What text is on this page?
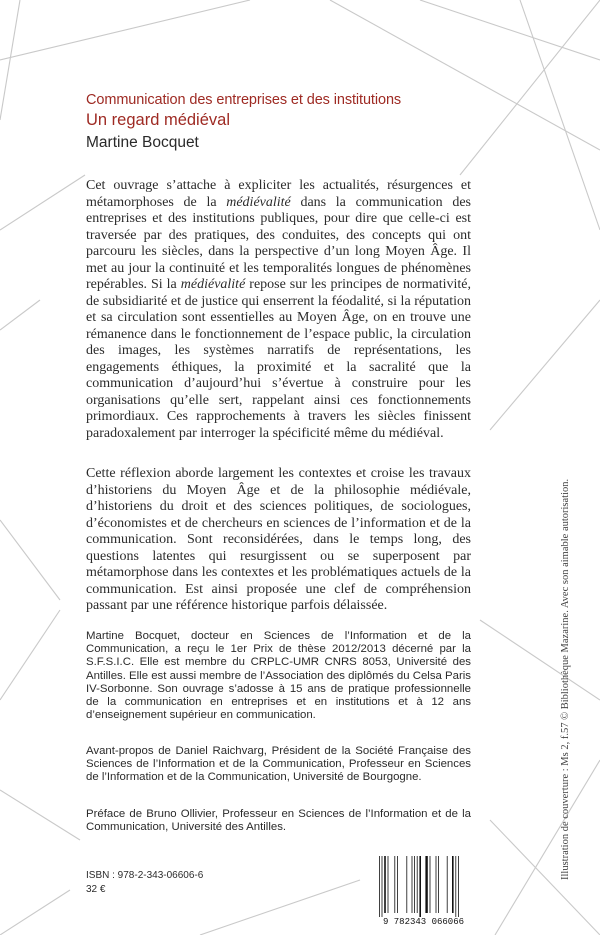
Communication des entreprises et des institutions
Un regard médiéval
Martine Bocquet

Cet ouvrage s’attache à expliciter les actualités, résurgences et métamorphoses de la médiévalité dans la communication des entreprises et des institutions publiques, pour dire que celle-ci est traversée par des pratiques, des conduites, des concepts qui ont parcouru les siècles, dans la perspective d’un long Moyen Âge. Il met au jour la continuité et les temporalités longues de phénomènes repérables. Si la médiévalité repose sur les principes de normativité, de subsidiarité et de justice qui enserrent la féodalité, si la réputation et sa circulation sont essentielles au Moyen Âge, on en trouve une rémanence dans le fonctionnement de l’espace public, la circulation des images, les systèmes narratifs de représentations, les engagements éthiques, la proximité et la sacralité que la communication d’aujourd’hui s’évertue à construire pour les organisations qu’elle sert, rappelant ainsi ces fonctionnements primordiaux. Ces rapprochements à travers les siècles finissent paradoxalement par interroger la spécificité même du médiéval.

Cette réflexion aborde largement les contextes et croise les travaux d’historiens du Moyen Âge et de la philosophie médiévale, d’historiens du droit et des sciences politiques, de sociologues, d’économistes et de chercheurs en sciences de l’information et de la communication. Sont reconsidérées, dans le temps long, des questions latentes qui resurgissent ou se superposent par métamorphose dans les contextes et les problématiques actuels de la communication. Est ainsi proposée une clef de compréhension passant par une référence historique parfois délaissée.

Martine Bocquet, docteur en Sciences de l’Information et de la Communication, a reçu le 1er Prix de thèse 2012/2013 décerné par la S.F.S.I.C. Elle est membre du CRPLC-UMR CNRS 8053, Université des Antilles. Elle est aussi membre de l’Association des diplômés du Celsa Paris IV-Sorbonne. Son ouvrage s’adosse à 15 ans de pratique professionnelle de la communication en entreprises et en institutions et à 12 ans d’enseignement supérieur en communication.

Avant-propos de Daniel Raichvarg, Président de la Société Française des Sciences de l’Information et de la Communication, Professeur en Sciences de l’Information et de la Communication, Université de Bourgogne.

Préface de Bruno Ollivier, Professeur en Sciences de l’Information et de la Communication, Université des Antilles.

ISBN : 978-2-343-06606-6
32 €
9 782343 066066
Illustration de couverture : Ms 2, f.57 © Bibliothèque Mazarine. Avec son aimable autorisation.
